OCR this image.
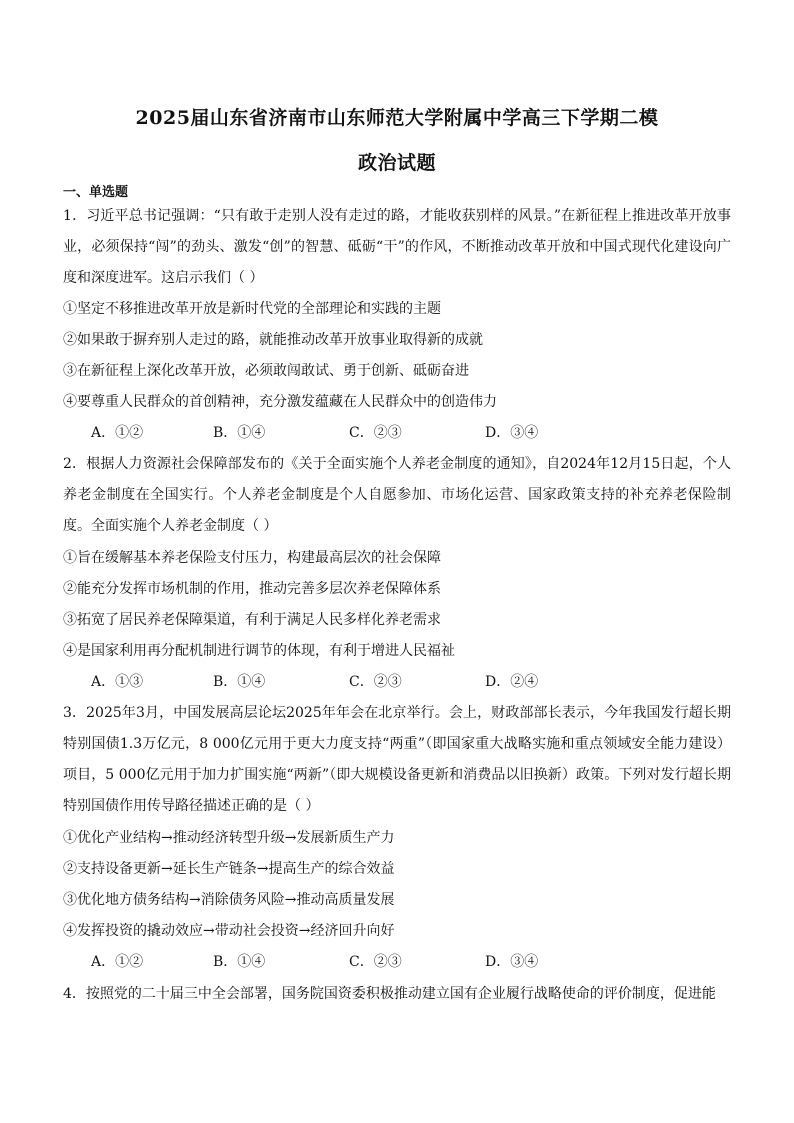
2025届山东省济南市山东师范大学附属中学高三下学期二模
政治试题
一、单选题
1．习近平总书记强调：“只有敢于走别人没有走过的路，才能收获别样的风景。”在新征程上推进改革开放事业，必须保持“闯”的劲头、激发“创”的智慧、砥砺“干”的作风，不断推动改革开放和中国式现代化建设向广度和深度进军。这启示我们（ ）
①坚定不移推进改革开放是新时代党的全部理论和实践的主题
②如果敢于摒弃别人走过的路，就能推动改革开放事业取得新的成就
③在新征程上深化改革开放，必须敢闯敢试、勇于创新、砥砺奋进
④要尊重人民群众的首创精神，充分激发蕴藏在人民群众中的创造伟力
A．①②	B．①④	C．②③	D．③④
2．根据人力资源社会保障部发布的《关于全面实施个人养老金制度的通知》，自2024年12月15日起，个人养老金制度在全国实行。个人养老金制度是个人自愿参加、市场化运营、国家政策支持的补充养老保险制度。全面实施个人养老金制度（ ）
①旨在缓解基本养老保险支付压力，构建最高层次的社会保障
②能充分发挥市场机制的作用，推动完善多层次养老保障体系
③拓宽了居民养老保障渠道，有利于满足人民多样化养老需求
④是国家利用再分配机制进行调节的体现，有利于增进人民福祉
A．①③	B．①④	C．②③	D．②④
3．2025年3月，中国发展高层论坛2025年年会在北京举行。会上，财政部部长表示，今年我国发行超长期特别国债1.3万亿元，8 000亿元用于更大力度支持“两重”（即国家重大战略实施和重点领域安全能力建设）项目，5 000亿元用于加力扩围实施“两新”（即大规模设备更新和消费品以旧换新）政策。下列对发行超长期特别国债作用传导路径描述正确的是（ ）
①优化产业结构→推动经济转型升级→发展新质生产力
②支持设备更新→延长生产链条→提高生产的综合效益
③优化地方债务结构→消除债务风险→推动高质量发展
④发挥投资的撬动效应→带动社会投资→经济回升向好
A．①②	B．①④	C．②③	D．③④
4．按照党的二十届三中全会部署，国务院国资委积极推动建立国有企业履行战略使命的评价制度，促进能
